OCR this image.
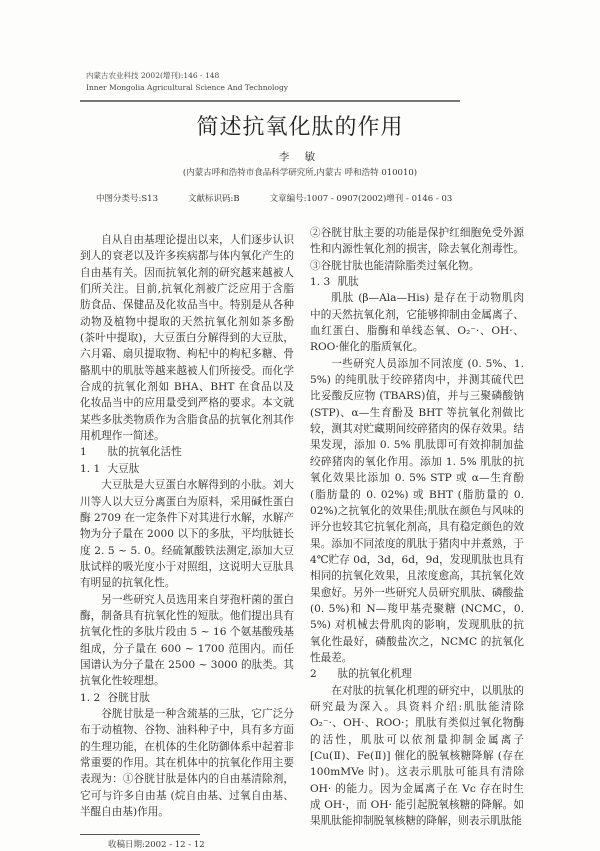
内蒙古农业科技 2002(增刊):146 - 148
Inner Mongolia Agricultural Science And Technology
简述抗氧化肽的作用
李 敏
(内蒙古呼和浩特市食品科学研究所,内蒙古 呼和浩特 010010)
中图分类号:S13	文献标识码:B	文章编号:1007 - 0907(2002)增刊 - 0146 - 03

自从自由基理论提出以来，人们逐步认识到人的衰老以及许多疾病都与体内氧化产生的自由基有关。因而抗氧化剂的研究越来越被人们所关注。目前,抗氧化剂被广泛应用于含脂肪食品、保健品及化妆品当中。特别是从各种动物及植物中提取的天然抗氧化剂如茶多酚 (茶叶中提取)，大豆蛋白分解得到的大豆肽，六月霜、扇贝提取物、枸杞中的枸杞多糖、骨骼肌中的肌肽等越来越被人们所接受。而化学合成的抗氧化剂如 BHA、BHT 在食品以及化妆品当中的应用量受到严格的要求。本文就某些多肽类物质作为含脂食品的抗氧化剂其作用机理作一简述。

1 肽的抗氧化活性
1. 1 大豆肽

大豆肽是大豆蛋白水解得到的小肽。刘大川等人以大豆分离蛋白为原料，采用碱性蛋白酶 2709 在一定条件下对其进行水解，水解产物为分子量在 2000 以下的多肽，平均肽链长度 2. 5 ~ 5. 0。经硫氰酸铁法测定,添加大豆肽试样的吸光度小于对照组，这说明大豆肽具有明显的抗氧化性。

另一些研究人员选用来自芽孢杆菌的蛋白酶，制备具有抗氧化性的短肽。他们提出具有抗氧化性的多肽片段由 5 ~ 16 个氨基酸残基组成，分子量在 600 ~ 1700 范围内。而任国谱认为分子量在 2500 ~ 3000 的肽类。其抗氧化性较理想。

1. 2 谷胱甘肽

谷胱甘肽是一种含巯基的三肽，它广泛分布于动植物、谷物、油料种子中，具有多方面的生理功能，在机体的生化防御体系中起着非常重要的作用。其在机体中的抗氧化作用主要表现为：①谷胱甘肽是体内的自由基清除剂，它可与许多自由基 (烷自由基、过氧自由基、半醌自由基)作用。

收稿日期:2002 - 12 - 12

②谷胱甘肽主要的功能是保护红细胞免受外源性和内源性氧化剂的损害，除去氧化剂毒性。③谷胱甘肽也能清除脂类过氧化物。

1. 3 肌肽

肌肽 (β—Ala—His) 是存在于动物肌肉中的天然抗氧化剂，它能够抑制由金属离子、血红蛋白、脂酶和单线态氧、O₂⁻·、OH·、ROO·催化的脂质氧化。

一些研究人员添加不同浓度 (0. 5%、1. 5%) 的纯肌肽于绞碎猪肉中，并测其硫代巴比妥酸反应物 (TBARS)值，并与三聚磷酸钠 (STP)、α—生育酚及 BHT 等抗氧化剂做比较，测其对贮藏期间绞碎猪肉的保存效果。结果发现，添加 0. 5% 肌肽即可有效抑制加盐绞碎猪肉的氧化作用。添加 1. 5% 肌肽的抗氧化效果比添加 0. 5% STP 或 α—生育酚 (脂肪量的 0. 02%) 或 BHT (脂肪量的 0. 02%)之抗氧化的效果佳;肌肽在颜色与风味的评分也较其它抗氧化剂高，具有稳定颜色的效果。添加不同浓度的肌肽于猪肉中并煮熟，于 4℃贮存 0d，3d，6d，9d，发现肌肽也具有相同的抗氧化效果，且浓度愈高，其抗氧化效果愈好。另外一些研究人员研究肌肽、磷酸盐 (0. 5%)和 N—羧甲基壳聚糖 (NCMC，0. 5%) 对机械去骨肌肉的影响，发现肌肽的抗氧化性最好，磷酸盐次之，NCMC 的抗氧化性最差。

2 肽的抗氧化机理

在对肽的抗氧化机理的研究中，以肌肽的研究最为深入。具资料介绍:肌肽能清除 O₂⁻·、OH·、ROO·；肌肽有类似过氧化物酶的活性，肌肽可以依剂量抑制金属离子 [Cu(Ⅱ)、Fe(Ⅱ)] 催化的脱氧核糖降解 (存在 100mMVe 时)。这表示肌肽可能具有清除 OH· 的能力。因为金属离子在 Vc 存在时生成 OH·，而 OH· 能引起脱氧核糖的降解。如果肌肽能抑制脱氧核糖的降解，则表示肌肽能
